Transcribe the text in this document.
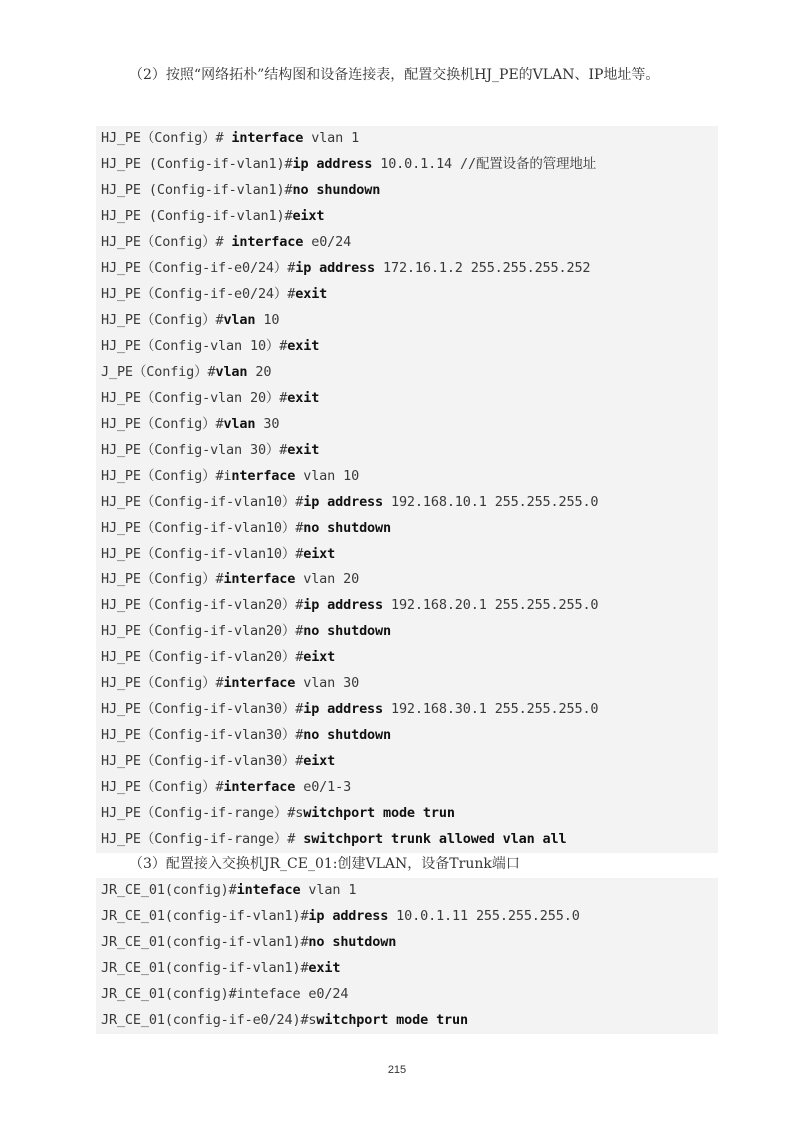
（2）按照“网络拓朴”结构图和设备连接表，配置交换机HJ_PE的VLAN、IP地址等。

HJ_PE（Config）# interface vlan 1
HJ_PE (Config-if-vlan1)#ip address 10.0.1.14 //配置设备的管理地址
HJ_PE (Config-if-vlan1)#no shundown
HJ_PE (Config-if-vlan1)#eixt
HJ_PE（Config）# interface e0/24
HJ_PE（Config-if-e0/24）#ip address 172.16.1.2 255.255.255.252
HJ_PE（Config-if-e0/24）#exit
HJ_PE（Config）#vlan 10
HJ_PE（Config-vlan 10）#exit
J_PE（Config）#vlan 20
HJ_PE（Config-vlan 20）#exit
HJ_PE（Config）#vlan 30
HJ_PE（Config-vlan 30）#exit
HJ_PE（Config）#interface vlan 10
HJ_PE（Config-if-vlan10）#ip address 192.168.10.1 255.255.255.0
HJ_PE（Config-if-vlan10）#no shutdown
HJ_PE（Config-if-vlan10）#eixt
HJ_PE（Config）#interface vlan 20
HJ_PE（Config-if-vlan20）#ip address 192.168.20.1 255.255.255.0
HJ_PE（Config-if-vlan20）#no shutdown
HJ_PE（Config-if-vlan20）#eixt
HJ_PE（Config）#interface vlan 30
HJ_PE（Config-if-vlan30）#ip address 192.168.30.1 255.255.255.0
HJ_PE（Config-if-vlan30）#no shutdown
HJ_PE（Config-if-vlan30）#eixt
HJ_PE（Config）#interface e0/1-3
HJ_PE（Config-if-range）#switchport mode trun
HJ_PE（Config-if-range）# switchport trunk allowed vlan all

（3）配置接入交换机JR_CE_01:创建VLAN，设备Trunk端口

JR_CE_01(config)#inteface vlan 1
JR_CE_01(config-if-vlan1)#ip address 10.0.1.11 255.255.255.0
JR_CE_01(config-if-vlan1)#no shutdown
JR_CE_01(config-if-vlan1)#exit
JR_CE_01(config)#inteface e0/24
JR_CE_01(config-if-e0/24)#switchport mode trun
215
